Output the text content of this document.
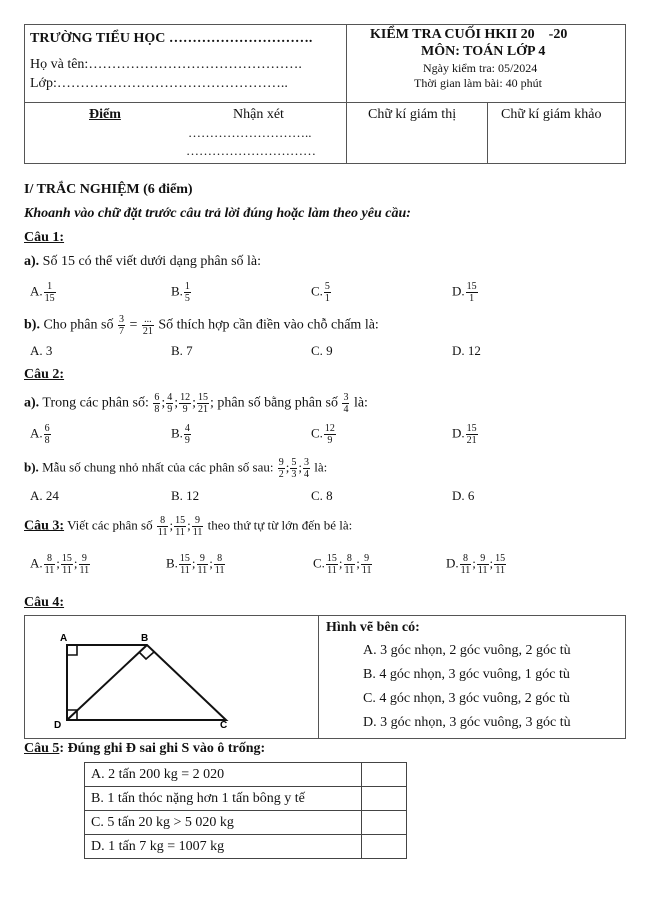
TRƯỜNG TIỂU HỌC ………………………….
Họ và tên:……………………………………….
Lớp:…………………………………………..
KIỂM TRA CUỐI HKII 20    -20
MÔN: TOÁN LỚP 4
Ngày kiểm tra: 05/2024
Thời gian làm bài: 40 phút
Điểm	Nhận xét
………………………..
…………………………
Chữ kí giám thị	Chữ kí giám khảo
I/ TRẮC NGHIỆM (6 điểm)
Khoanh vào chữ đặt trước câu trả lời đúng hoặc làm theo yêu cầu:
Câu 1:
a). Số 15 có thể viết dưới dạng phân số là:
A. $\frac{1}{15}$	B. $\frac{1}{5}$	C. $\frac{5}{1}$	D. $\frac{15}{1}$
b). Cho phân số $\frac{3}{7} = \frac{...}{21}$ Số thích hợp cần điền vào chỗ chấm là:
A. 3	B. 7	C. 9	D. 12
Câu 2:
a). Trong các phân số: $\frac{6}{8}$ ; $\frac{4}{9}$ ; $\frac{12}{9}$ ; $\frac{15}{21}$ ; phân số bằng phân số $\frac{3}{4}$ là:
A. $\frac{6}{8}$	B. $\frac{4}{9}$	C. $\frac{12}{9}$	D. $\frac{15}{21}$
b). Mẫu số chung nhỏ nhất của các phân số sau: $\frac{9}{2}$ ; $\frac{5}{3}$ ; $\frac{3}{4}$ là:
A. 24	B. 12	C. 8	D. 6
Câu 3: Viết các phân số $\frac{8}{11}$ ; $\frac{15}{11}$ ; $\frac{9}{11}$ theo thứ tự từ lớn đến bé là:
A. $\frac{8}{11}$ ; $\frac{15}{11}$ ; $\frac{9}{11}$	B. $\frac{15}{11}$ ; $\frac{9}{11}$ ; $\frac{8}{11}$	C. $\frac{15}{11}$ ; $\frac{8}{11}$ ; $\frac{9}{11}$	D. $\frac{8}{11}$ ; $\frac{9}{11}$ ; $\frac{15}{11}$
Câu 4:
A	B
C
D
Hình vẽ bên có:
A. 3 góc nhọn, 2 góc vuông, 2 góc tù
B. 4 góc nhọn, 3 góc vuông, 1 góc tù
C. 4 góc nhọn, 3 góc vuông, 2 góc tù
D. 3 góc nhọn, 3 góc vuông, 3 góc tù
Câu 5: Đúng ghi Đ sai ghi S vào ô trống:
A. 2 tấn 200 kg = 2 020	
B. 1 tấn thóc nặng hơn 1 tấn bông y tế	
C. 5 tấn 20 kg > 5 020 kg	
D. 1 tấn 7 kg = 1007 kg	
